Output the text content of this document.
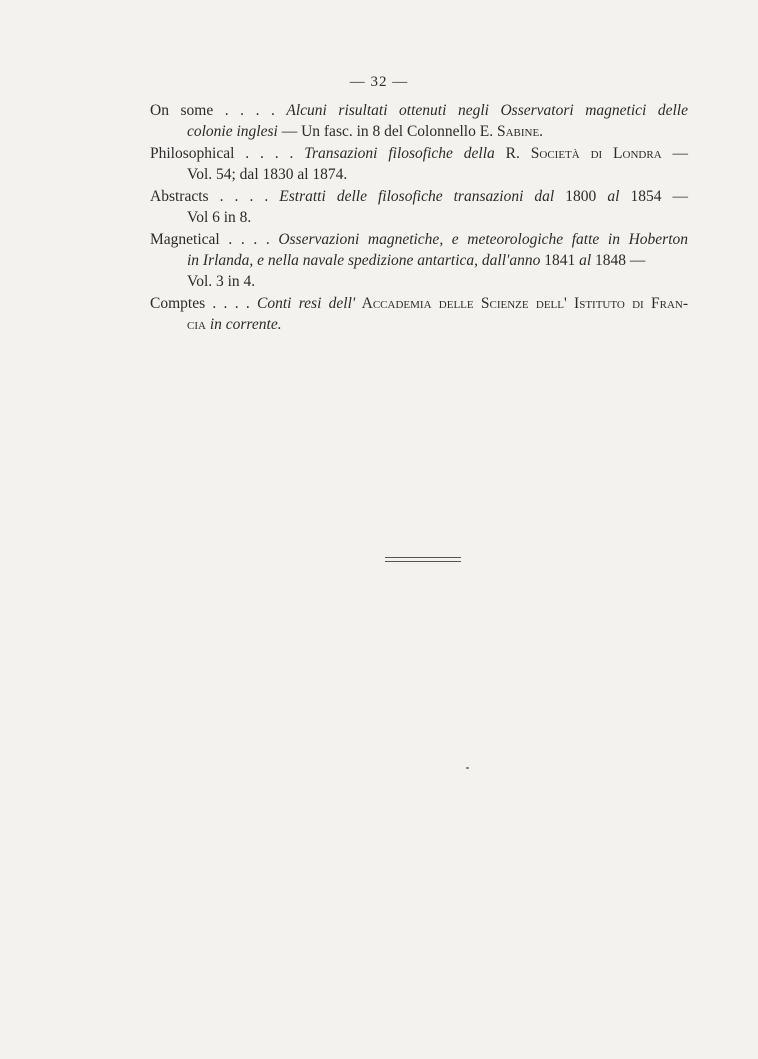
— 32 —
On some . . . . Alcuni risultati ottenuti negli Osservatori magnetici delle
colonie inglesi — Un fasc. in 8 del Colonnello E. Sabine.
Philosophical . . . . Transazioni filosofiche della R. Società di Londra —
Vol. 54; dal 1830 al 1874.
Abstracts . . . . Estratti delle filosofiche transazioni dal 1800 al 1854 —
Vol 6 in 8.
Magnetical . . . . Osservazioni magnetiche, e meteorologiche fatte in Hoberton
in Irlanda, e nella navale spedizione antartica, dall'anno 1841 al 1848 —
Vol. 3 in 4.
Comptes . . . . Conti resi dell' Accademia delle Scienze dell' Istituto di Fran-
cia in corrente.
